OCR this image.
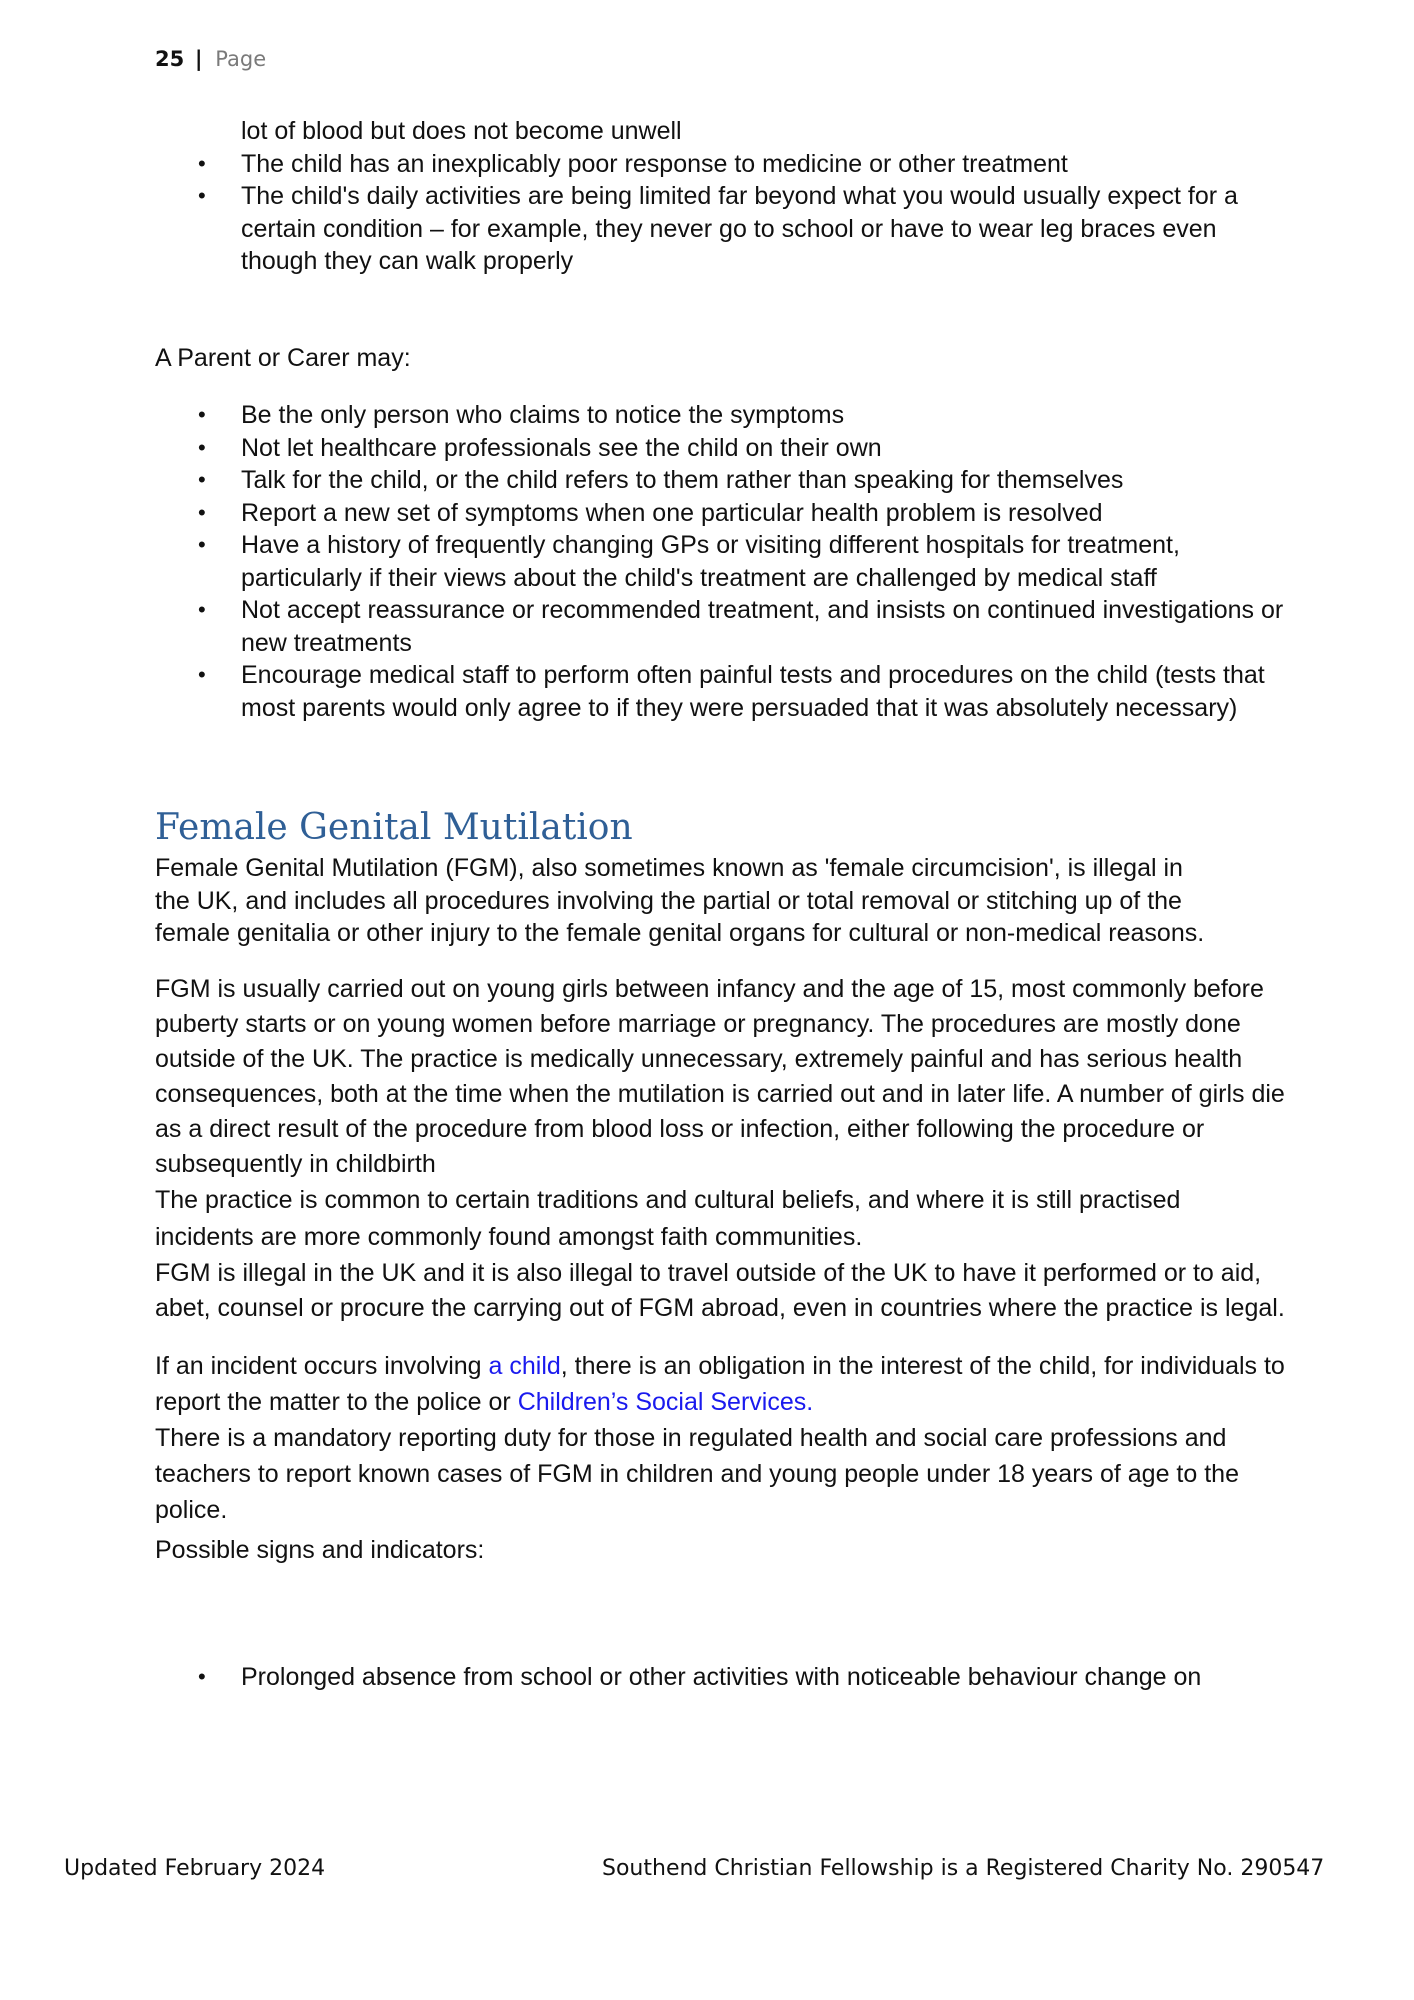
25 | Page
lot of blood but does not become unwell
• The child has an inexplicably poor response to medicine or other treatment
• The child's daily activities are being limited far beyond what you would usually expect for a certain condition – for example, they never go to school or have to wear leg braces even though they can walk properly

A Parent or Carer may:

• Be the only person who claims to notice the symptoms
• Not let healthcare professionals see the child on their own
• Talk for the child, or the child refers to them rather than speaking for themselves
• Report a new set of symptoms when one particular health problem is resolved
• Have a history of frequently changing GPs or visiting different hospitals for treatment, particularly if their views about the child's treatment are challenged by medical staff
• Not accept reassurance or recommended treatment, and insists on continued investigations or new treatments
• Encourage medical staff to perform often painful tests and procedures on the child (tests that most parents would only agree to if they were persuaded that it was absolutely necessary)
Female Genital Mutilation

Female Genital Mutilation (FGM), also sometimes known as 'female circumcision', is illegal in the UK, and includes all procedures involving the partial or total removal or stitching up of the female genitalia or other injury to the female genital organs for cultural or non-medical reasons.

FGM is usually carried out on young girls between infancy and the age of 15, most commonly before puberty starts or on young women before marriage or pregnancy. The procedures are mostly done outside of the UK. The practice is medically unnecessary, extremely painful and has serious health consequences, both at the time when the mutilation is carried out and in later life. A number of girls die as a direct result of the procedure from blood loss or infection, either following the procedure or subsequently in childbirth

The practice is common to certain traditions and cultural beliefs, and where it is still practised incidents are more commonly found amongst faith communities.

FGM is illegal in the UK and it is also illegal to travel outside of the UK to have it performed or to aid, abet, counsel or procure the carrying out of FGM abroad, even in countries where the practice is legal.

If an incident occurs involving a child, there is an obligation in the interest of the child, for individuals to report the matter to the police or Children’s Social Services.

There is a mandatory reporting duty for those in regulated health and social care professions and teachers to report known cases of FGM in children and young people under 18 years of age to the police.

Possible signs and indicators:

• Prolonged absence from school or other activities with noticeable behaviour change on
Updated February 2024	Southend Christian Fellowship is a Registered Charity No. 290547
